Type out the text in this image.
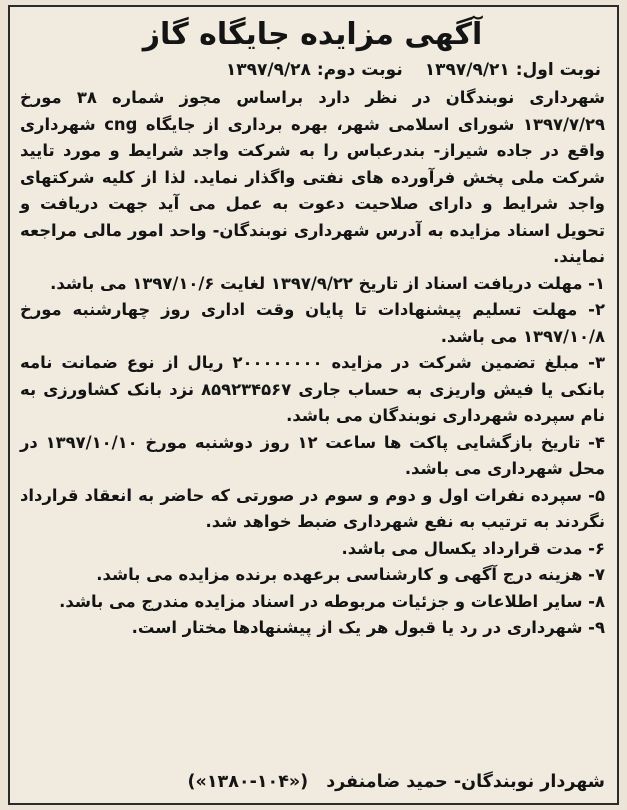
آگهی مزایده جایگاه گاز
نوبت اول: ۱۳۹۷/۹/۲۱نوبت دوم: ۱۳۹۷/۹/۲۸

شهرداری نوبندگان در نظر دارد براساس مجوز شماره ۳۸ مورخ ۱۳۹۷/۷/۲۹ شورای اسلامی شهر، بهره برداری از جایگاه cng شهرداری واقع در جاده شیراز- بندرعباس را به شرکت واجد شرایط و مورد تایید شرکت ملی پخش فرآورده های نفتی واگذار نماید. لذا از کلیه شرکتهای واجد شرایط و دارای صلاحیت دعوت به عمل می آید جهت دریافت و تحویل اسناد مزایده به آدرس شهرداری نوبندگان- واحد امور مالی مراجعه نمایند.

۱- مهلت دریافت اسناد از تاریخ ۱۳۹۷/۹/۲۲ لغایت ۱۳۹۷/۱۰/۶ می باشد.
۲- مهلت تسلیم پیشنهادات تا پایان وقت اداری روز چهارشنبه مورخ ۱۳۹۷/۱۰/۸ می باشد.
۳- مبلغ تضمین شرکت در مزایده ۲۰۰۰۰۰۰۰۰ ریال از نوع ضمانت نامه بانکی یا فیش واریزی به حساب جاری ۸۵۹۲۳۴۵۶۷ نزد بانک کشاورزی به نام سپرده شهرداری نوبندگان می باشد.
۴- تاریخ بازگشایی پاکت ها ساعت ۱۲ روز دوشنبه مورخ ۱۳۹۷/۱۰/۱۰ در محل شهرداری می باشد.
۵- سپرده نفرات اول و دوم و سوم در صورتی که حاضر به انعقاد قرارداد نگردند به ترتیب به نفع شهرداری ضبط خواهد شد.
۶- مدت قرارداد یکسال می باشد.
۷- هزینه درج آگهی و کارشناسی برعهده برنده مزایده می باشد.
۸- سایر اطلاعات و جزئیات مربوطه در اسناد مزایده مندرج می باشد.
۹- شهرداری در رد یا قبول هر یک از پیشنهادها مختار است.
شهردار نوبندگان- حمید ضامنفرد(«۱۳۸۰-۱۰۴»)
